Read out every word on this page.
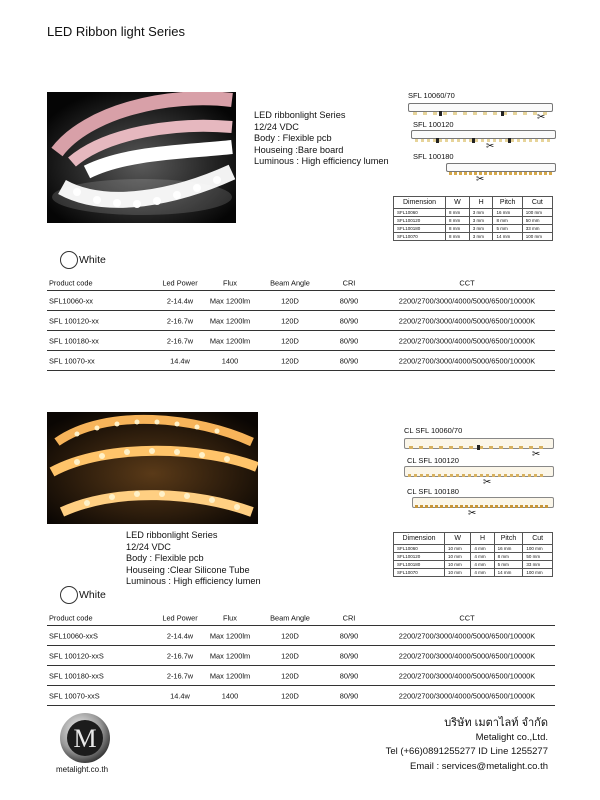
LED Ribbon light Series
LED ribbonlight Series
12/24 VDC
Body : Flexible pcb
Houseing :Bare board
Luminous : High efficiency lumen
SFL 10060/70
✂
SFL 100120
✂
SFL 100180
✂
Dimension	W	H	Pitch	Cut
SFL10060	8 mm	3 mm	16 mm	100 mm
SFL100120	8 mm	3 mm	8 mm	50 mm
SFL100180	8 mm	3 mm	5 mm	33 mm
SFL10070	8 mm	3 mm	14 mm	100 mm
White
Product code	Led Power	Flux	Beam Angle	CRI	CCT
SFL10060-xx	2-14.4w	Max 1200lm	120D	80/90	2200/2700/3000/4000/5000/6500/10000K
SFL 100120-xx	2-16.7w	Max 1200lm	120D	80/90	2200/2700/3000/4000/5000/6500/10000K
SFL 100180-xx	2-16.7w	Max 1200lm	120D	80/90	2200/2700/3000/4000/5000/6500/10000K
SFL 10070-xx	14.4w	1400	120D	80/90	2200/2700/3000/4000/5000/6500/10000K
LED ribbonlight Series
12/24 VDC
Body : Flexible pcb
Houseing :Clear Silicone Tube
Luminous : High efficiency lumen
CL SFL 10060/70
✂
CL SFL 100120
✂
CL SFL 100180
✂
Dimension	W	H	Pitch	Cut
SFL10060	10 mm	4 mm	16 mm	100 mm
SFL100120	10 mm	4 mm	8 mm	50 mm
SFL100180	10 mm	4 mm	5 mm	33 mm
SFL10070	10 mm	4 mm	14 mm	100 mm
White
Product code	Led Power	Flux	Beam Angle	CRI	CCT
SFL10060-xxS	2-14.4w	Max 1200lm	120D	80/90	2200/2700/3000/4000/5000/6500/10000K
SFL 100120-xxS	2-16.7w	Max 1200lm	120D	80/90	2200/2700/3000/4000/5000/6500/10000K
SFL 100180-xxS	2-16.7w	Max 1200lm	120D	80/90	2200/2700/3000/4000/5000/6500/10000K
SFL 10070-xxS	14.4w	1400	120D	80/90	2200/2700/3000/4000/5000/6500/10000K
M
metalight.co.th
บริษัท เมตาไลท์ จำกัด
Metalight co.,Ltd.
Tel (+66)0891255277 ID Line 1255277
Email : services@metalight.co.th
